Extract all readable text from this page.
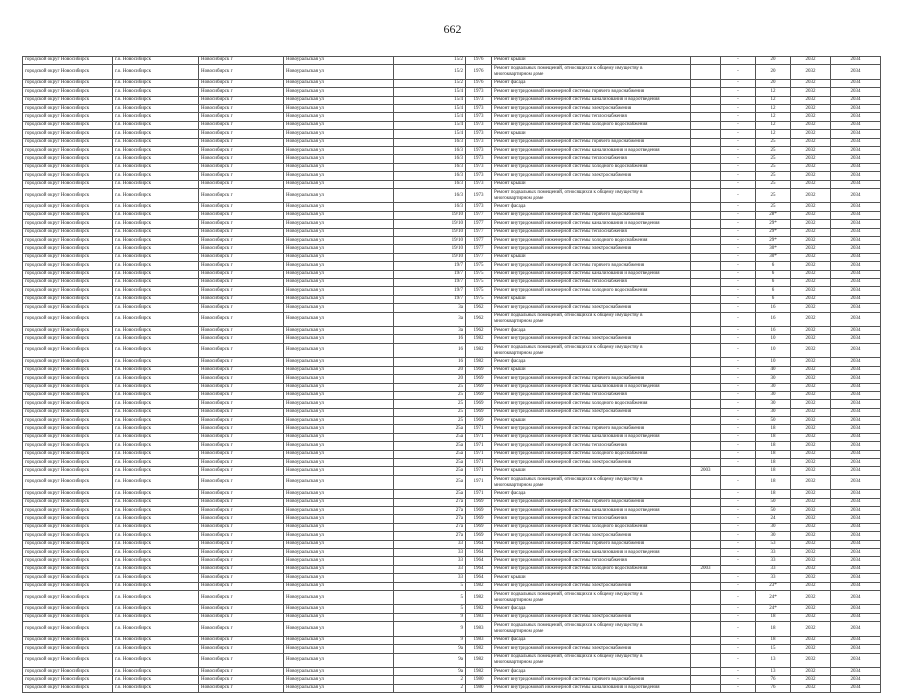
662
городской округ Новосибирск	г.о. Новосибирск	Новосибирск г	Новоуральская ул	15/2	1976	Ремонт крыши		-	20	2032	2034
городской округ Новосибирск	г.о. Новосибирск	Новосибирск г	Новоуральская ул	15/2	1976	Ремонт подвальных помещений, относящихся к общему имуществу в многоквартирном доме		-	20	2032	2034
городской округ Новосибирск	г.о. Новосибирск	Новосибирск г	Новоуральская ул	15/2	1976	Ремонт фасада		-	20	2032	2034
городской округ Новосибирск	г.о. Новосибирск	Новосибирск г	Новоуральская ул	15/4	1973	Ремонт внутридомовой инженерной системы горячего водоснабжения		-	12	2032	2034
городской округ Новосибирск	г.о. Новосибирск	Новосибирск г	Новоуральская ул	15/4	1973	Ремонт внутридомовой инженерной системы канализования и водоотведения		-	12	2032	2034
городской округ Новосибирск	г.о. Новосибирск	Новосибирск г	Новоуральская ул	15/4	1973	Ремонт внутридомовой инженерной системы электроснабжения		-	12	2032	2034
городской округ Новосибирск	г.о. Новосибирск	Новосибирск г	Новоуральская ул	15/4	1973	Ремонт внутридомовой инженерной системы теплоснабжения		-	12	2032	2034
городской округ Новосибирск	г.о. Новосибирск	Новосибирск г	Новоуральская ул	15/4	1973	Ремонт внутридомовой инженерной системы холодного водоснабжения		-	12	2032	2034
городской округ Новосибирск	г.о. Новосибирск	Новосибирск г	Новоуральская ул	15/4	1973	Ремонт крыши		-	12	2032	2034
городской округ Новосибирск	г.о. Новосибирск	Новосибирск г	Новоуральская ул	16/3	1973	Ремонт внутридомовой инженерной системы горячего водоснабжения		-	25	2032	2034
городской округ Новосибирск	г.о. Новосибирск	Новосибирск г	Новоуральская ул	16/3	1973	Ремонт внутридомовой инженерной системы канализования и водоотведения		-	25	2032	2034
городской округ Новосибирск	г.о. Новосибирск	Новосибирск г	Новоуральская ул	16/3	1973	Ремонт внутридомовой инженерной системы теплоснабжения		-	25	2032	2034
городской округ Новосибирск	г.о. Новосибирск	Новосибирск г	Новоуральская ул	16/3	1973	Ремонт внутридомовой инженерной системы холодного водоснабжения		-	25	2032	2034
городской округ Новосибирск	г.о. Новосибирск	Новосибирск г	Новоуральская ул	16/3	1973	Ремонт внутридомовой инженерной системы электроснабжения		-	25	2032	2034
городской округ Новосибирск	г.о. Новосибирск	Новосибирск г	Новоуральская ул	16/3	1973	Ремонт крыши		-	25	2032	2034
городской округ Новосибирск	г.о. Новосибирск	Новосибирск г	Новоуральская ул	16/3	1973	Ремонт подвальных помещений, относящихся к общему имуществу в многоквартирном доме		-	25	2032	2034
городской округ Новосибирск	г.о. Новосибирск	Новосибирск г	Новоуральская ул	16/3	1973	Ремонт фасада		-	25	2032	2034
городской округ Новосибирск	г.о. Новосибирск	Новосибирск г	Новоуральская ул	19/10	1977	Ремонт внутридомовой инженерной системы горячего водоснабжения		-	28*	2032	2034
городской округ Новосибирск	г.о. Новосибирск	Новосибирск г	Новоуральская ул	19/10	1977	Ремонт внутридомовой инженерной системы канализования и водоотведения		-	29*	2032	2034
городской округ Новосибирск	г.о. Новосибирск	Новосибирск г	Новоуральская ул	19/10	1977	Ремонт внутридомовой инженерной системы теплоснабжения		-	29*	2032	2034
городской округ Новосибирск	г.о. Новосибирск	Новосибирск г	Новоуральская ул	19/10	1977	Ремонт внутридомовой инженерной системы холодного водоснабжения		-	29*	2032	2034
городской округ Новосибирск	г.о. Новосибирск	Новосибирск г	Новоуральская ул	19/10	1977	Ремонт внутридомовой инженерной системы электроснабжения		-	30*	2032	2034
городской округ Новосибирск	г.о. Новосибирск	Новосибирск г	Новоуральская ул	19/10	1977	Ремонт крыши		-	30*	2032	2034
городской округ Новосибирск	г.о. Новосибирск	Новосибирск г	Новоуральская ул	19/7	1975	Ремонт внутридомовой инженерной системы горячего водоснабжения		-	6	2032	2034
городской округ Новосибирск	г.о. Новосибирск	Новосибирск г	Новоуральская ул	19/7	1975	Ремонт внутридомовой инженерной системы канализования и водоотведения		-	6	2032	2034
городской округ Новосибирск	г.о. Новосибирск	Новосибирск г	Новоуральская ул	19/7	1975	Ремонт внутридомовой инженерной системы теплоснабжения		-	6	2032	2034
городской округ Новосибирск	г.о. Новосибирск	Новосибирск г	Новоуральская ул	19/7	1975	Ремонт внутридомовой инженерной системы холодного водоснабжения		-	6	2032	2034
городской округ Новосибирск	г.о. Новосибирск	Новосибирск г	Новоуральская ул	19/7	1975	Ремонт крыши		-	6	2032	2034
городской округ Новосибирск	г.о. Новосибирск	Новосибирск г	Новоуральская ул	3а	1962	Ремонт внутридомовой инженерной системы электроснабжения		-	16	2032	2034
городской округ Новосибирск	г.о. Новосибирск	Новосибирск г	Новоуральская ул	3а	1962	Ремонт подвальных помещений, относящихся к общему имуществу в многоквартирном доме		-	16	2032	2034
городской округ Новосибирск	г.о. Новосибирск	Новосибирск г	Новоуральская ул	3а	1962	Ремонт фасада		-	16	2032	2034
городской округ Новосибирск	г.о. Новосибирск	Новосибирск г	Новоуральская ул	16	1982	Ремонт внутридомовой инженерной системы электроснабжения		-	10	2032	2034
городской округ Новосибирск	г.о. Новосибирск	Новосибирск г	Новоуральская ул	16	1982	Ремонт подвальных помещений, относящихся к общему имуществу в многоквартирном доме		-	10	2032	2034
городской округ Новосибирск	г.о. Новосибирск	Новосибирск г	Новоуральская ул	16	1982	Ремонт фасада		-	10	2032	2034
городской округ Новосибирск	г.о. Новосибирск	Новосибирск г	Новоуральская ул	20	1969	Ремонт крыши		-	40	2032	2034
городской округ Новосибирск	г.о. Новосибирск	Новосибирск г	Новоуральская ул	20	1969	Ремонт внутридомовой инженерной системы горячего водоснабжения		-	30	2032	2034
городской округ Новосибирск	г.о. Новосибирск	Новосибирск г	Новоуральская ул	25	1969	Ремонт внутридомовой инженерной системы канализования и водоотведения		-	30	2032	2034
городской округ Новосибирск	г.о. Новосибирск	Новосибирск г	Новоуральская ул	25	1969	Ремонт внутридомовой инженерной системы теплоснабжения		-	30	2032	2034
городской округ Новосибирск	г.о. Новосибирск	Новосибирск г	Новоуральская ул	25	1969	Ремонт внутридомовой инженерной системы холодного водоснабжения		-	30	2032	2034
городской округ Новосибирск	г.о. Новосибирск	Новосибирск г	Новоуральская ул	25	1969	Ремонт внутридомовой инженерной системы электроснабжения		-	30	2032	2034
городской округ Новосибирск	г.о. Новосибирск	Новосибирск г	Новоуральская ул	25	1969	Ремонт крыши		-	50	2032	2034
городской округ Новосибирск	г.о. Новосибирск	Новосибирск г	Новоуральская ул	25а	1971	Ремонт внутридомовой инженерной системы горячего водоснабжения		-	18	2032	2034
городской округ Новосибирск	г.о. Новосибирск	Новосибирск г	Новоуральская ул	25а	1971	Ремонт внутридомовой инженерной системы канализования и водоотведения		-	18	2032	2034
городской округ Новосибирск	г.о. Новосибирск	Новосибирск г	Новоуральская ул	25а	1971	Ремонт внутридомовой инженерной системы теплоснабжения		-	18	2032	2034
городской округ Новосибирск	г.о. Новосибирск	Новосибирск г	Новоуральская ул	25а	1971	Ремонт внутридомовой инженерной системы холодного водоснабжения		-	18	2032	2034
городской округ Новосибирск	г.о. Новосибирск	Новосибирск г	Новоуральская ул	25а	1971	Ремонт внутридомовой инженерной системы электроснабжения		-	18	2032	2034
городской округ Новосибирск	г.о. Новосибирск	Новосибирск г	Новоуральская ул	25а	1971	Ремонт крыши	2003		18	2032	2034
городской округ Новосибирск	г.о. Новосибирск	Новосибирск г	Новоуральская ул	25а	1971	Ремонт подвальных помещений, относящихся к общему имуществу в многоквартирном доме		-	18	2032	2034
городской округ Новосибирск	г.о. Новосибирск	Новосибирск г	Новоуральская ул	25а	1971	Ремонт фасада		-	18	2032	2034
городской округ Новосибирск	г.о. Новосибирск	Новосибирск г	Новоуральская ул	27а	1969	Ремонт внутридомовой инженерной системы горячего водоснабжения		-	50	2032	2034
городской округ Новосибирск	г.о. Новосибирск	Новосибирск г	Новоуральская ул	27а	1969	Ремонт внутридомовой инженерной системы канализования и водоотведения		-	50	2032	2034
городской округ Новосибирск	г.о. Новосибирск	Новосибирск г	Новоуральская ул	27а	1969	Ремонт внутридомовой инженерной системы теплоснабжения		-	24	2032	2034
городской округ Новосибирск	г.о. Новосибирск	Новосибирск г	Новоуральская ул	27а	1969	Ремонт внутридомовой инженерной системы холодного водоснабжения		-	30	2032	2034
городской округ Новосибирск	г.о. Новосибирск	Новосибирск г	Новоуральская ул	27а	1969	Ремонт внутридомовой инженерной системы электроснабжения		-	30	2032	2034
городской округ Новосибирск	г.о. Новосибирск	Новосибирск г	Новоуральская ул	33	1964	Ремонт внутридомовой инженерной системы горячего водоснабжения		-	53	2032	2034
городской округ Новосибирск	г.о. Новосибирск	Новосибирск г	Новоуральская ул	33	1964	Ремонт внутридомовой инженерной системы канализования и водоотведения		-	33	2032	2034
городской округ Новосибирск	г.о. Новосибирск	Новосибирск г	Новоуральская ул	33	1964	Ремонт внутридомовой инженерной системы теплоснабжения		-	33	2032	2034
городской округ Новосибирск	г.о. Новосибирск	Новосибирск г	Новоуральская ул	33	1964	Ремонт внутридомовой инженерной системы холодного водоснабжения	2003		33	2032	2034
городской округ Новосибирск	г.о. Новосибирск	Новосибирск г	Новоуральская ул	33	1964	Ремонт крыши		-	33	2032	2034
городской округ Новосибирск	г.о. Новосибирск	Новосибирск г	Новоуральская ул	5	1982	Ремонт внутридомовой инженерной системы электроснабжения		-	23*	2032	2034
городской округ Новосибирск	г.о. Новосибирск	Новосибирск г	Новоуральская ул	5	1982	Ремонт подвальных помещений, относящихся к общему имуществу в многоквартирном доме		-	24*	2032	2034
городской округ Новосибирск	г.о. Новосибирск	Новосибирск г	Новоуральская ул	5	1982	Ремонт фасада		-	24*	2032	2034
городской округ Новосибирск	г.о. Новосибирск	Новосибирск г	Новоуральская ул	9	1983	Ремонт внутридомовой инженерной системы электроснабжения		-	18	2032	2034
городской округ Новосибирск	г.о. Новосибирск	Новосибирск г	Новоуральская ул	9	1983	Ремонт подвальных помещений, относящихся к общему имуществу в многоквартирном доме		-	18	2032	2034
городской округ Новосибирск	г.о. Новосибирск	Новосибирск г	Новоуральская ул	9	1983	Ремонт фасада		-	18	2032	2034
городской округ Новосибирск	г.о. Новосибирск	Новосибирск г	Новоуральская ул	9а	1982	Ремонт внутридомовой инженерной системы электроснабжения		-	15	2032	2034
городской округ Новосибирск	г.о. Новосибирск	Новосибирск г	Новоуральская ул	9а	1982	Ремонт подвальных помещений, относящихся к общему имуществу в многоквартирном доме		-	13	2032	2034
городской округ Новосибирск	г.о. Новосибирск	Новосибирск г	Новоуральская ул	9а	1982	Ремонт фасада		-	13	2032	2034
городской округ Новосибирск	г.о. Новосибирск	Новосибирск г	Новоуральская ул	2	1980	Ремонт внутридомовой инженерной системы горячего водоснабжения		-	76	2032	2034
городской округ Новосибирск	г.о. Новосибирск	Новосибирск г	Новоуральская ул	2	1980	Ремонт внутридомовой инженерной системы канализования и водоотведения		-	76	2032	2034
